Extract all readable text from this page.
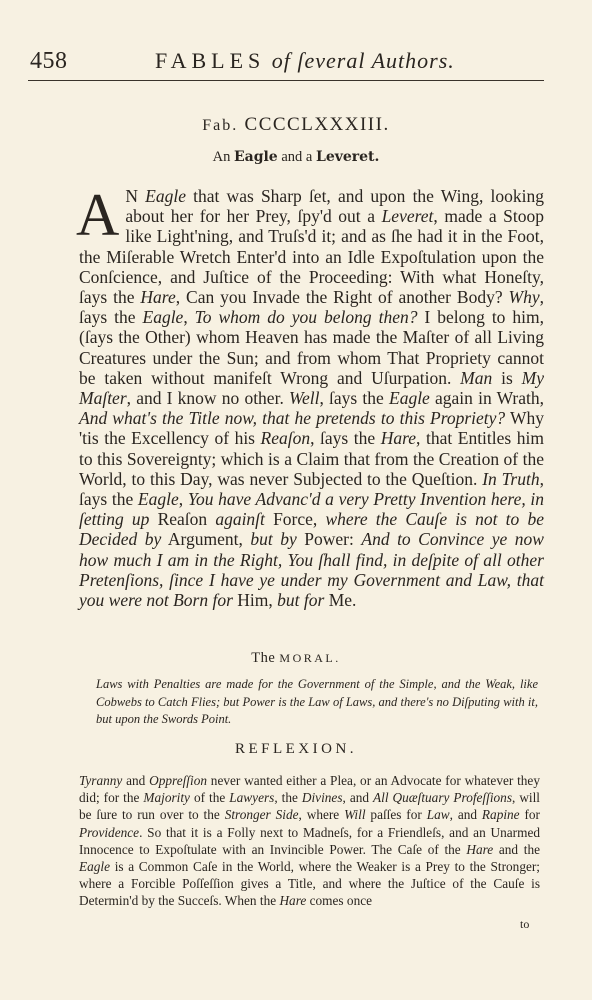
458	FABLES of ſeveral Authors.
Fab. CCCCLXXXIII.
An Eagle and a Leveret.

A N Eagle that was Sharp ſet, and upon the Wing, looking about her for her Prey, ſpy'd out a Leveret, made a Stoop like Light'ning, and Truſs'd it; and as ſhe had it in the Foot, the Miſerable Wretch Enter'd into an Idle Expoſtulation upon the Conſcience, and Juſtice of the Proceeding: With what Honeſty, ſays the Hare, Can you Invade the Right of another Body? Why, ſays the Eagle, To whom do you belong then? I belong to him, (ſays the Other) whom Heaven has made the Maſter of all Living Creatures under the Sun; and from whom That Propriety cannot be taken without manifeſt Wrong and Uſurpation. Man is My Maſter, and I know no other. Well, ſays the Eagle again in Wrath, And what's the Title now, that he pretends to this Propriety? Why 'tis the Excellency of his Reaſon, ſays the Hare, that Entitles him to this Sovereignty; which is a Claim that from the Creation of the World, to this Day, was never Subjected to the Queſtion. In Truth, ſays the Eagle, You have Advanc'd a very Pretty Invention here, in ſetting up Reaſon againſt Force, where the Cauſe is not to be Decided by Argument, but by Power: And to Convince ye now how much I am in the Right, You ſhall find, in deſpite of all other Pretenſions, ſince I have ye under my Government and Law, that you were not Born for Him, but for Me.

The MORAL.
Laws with Penalties are made for the Government of the Simple, and the Weak, like Cobwebs to Catch Flies; but Power is the Law of Laws, and there's no Diſputing with it, but upon the Swords Point.
REFLEXION.
Tyranny and Oppreſſion never wanted either a Plea, or an Advocate for whatever they did; for the Majority of the Lawyers, the Divines, and All Quæſtuary Profeſſions, will be ſure to run over to the Stronger Side, where Will paſſes for Law, and Rapine for Providence. So that it is a Folly next to Madneſs, for a Friendleſs, and an Unarmed Innocence to Expoſtulate with an Invincible Power. The Caſe of the Hare and the Eagle is a Common Caſe in the World, where the Weaker is a Prey to the Stronger; where a Forcible Poſſeſſion gives a Title, and where the Juſtice of the Cauſe is Determin'd by the Succeſs. When the Hare comes once
to
